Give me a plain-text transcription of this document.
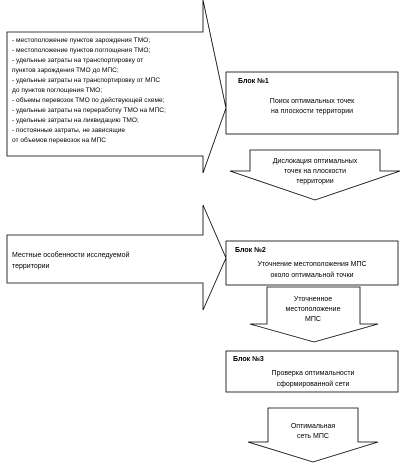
- местоположение пунктов зарождения ТМО;
- местоположение пунктов поглощения ТМО;
- удельные затраты на транспортировку от
пунктов зарождения ТМО до МПС;
- удельные затраты на транспортировку от МПС
до пунктов поглощения ТМО;
- объемы перевозок ТМО по действующей схеме;
- удельные затраты на переработку ТМО на МПС;
- удельные затраты на ликвидацию ТМО;
- постоянные затраты, не зависящие
от объемов перевозок на МПС
Блок №1
Поиск оптимальных точек
на плоскости территории
Дислокация оптимальных
точек на плоскости
территории
Местные особенности исследуемой
территории
Блок №2
Уточнение местоположения МПС
около оптимальной точки
Уточненное
местоположение
МПС
Блок №3
Проверка оптимальности
сформированной сети
Оптимальная
сеть МПС
